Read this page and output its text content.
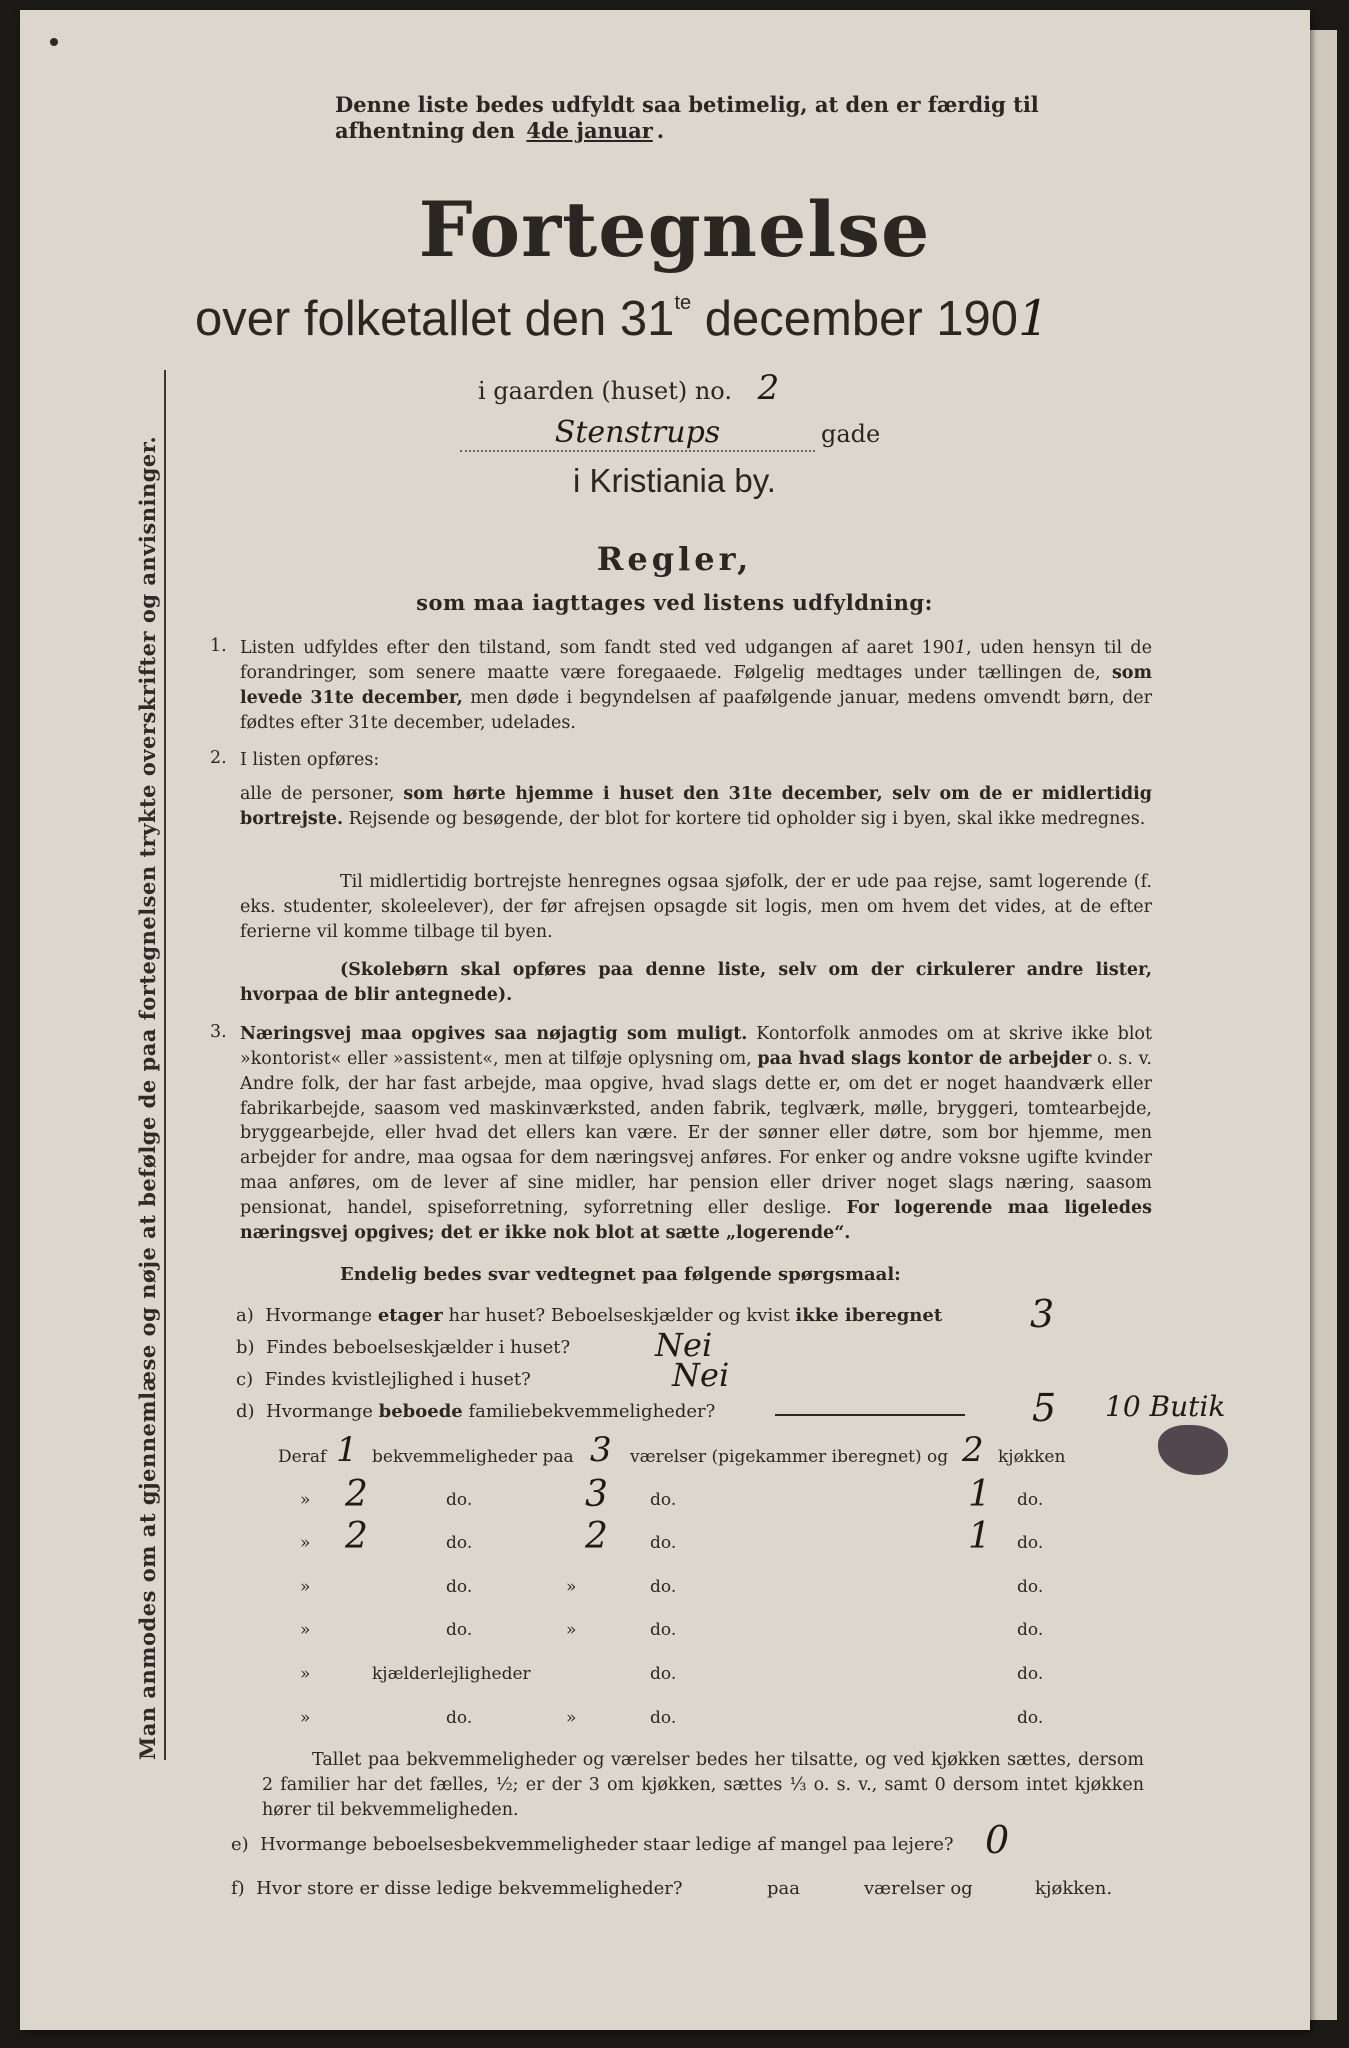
Man anmodes om at gjennemlæse og nøje at befølge de paa fortegnelsen trykte overskrifter og anvisninger.
Denne liste bedes udfyldt saa betimelig, at den er færdig til
afhentning den 4de januar .
Fortegnelse
over folketallet den $31^{te}$ december 1901
i gaarden (huset) no. 2
Stenstrups	gade
i Kristiania by.
Regler,
som maa iagttages ved listens udfyldning:
1. Listen udfyldes efter den tilstand, som fandt sted ved udgangen af aaret 1901, uden hensyn til de forandringer, som senere maatte være foregaaede. Følgelig medtages under tællingen de, som levede 31te december, men døde i begyndelsen af paafølgende januar, medens omvendt børn, der fødtes efter 31te december, udelades.
2. I listen opføres:
alle de personer, som hørte hjemme i huset den 31te december, selv om de er midlertidig bortrejste. Rejsende og besøgende, der blot for kortere tid opholder sig i byen, skal ikke medregnes.
Til midlertidig bortrejste henregnes ogsaa sjøfolk, der er ude paa rejse, samt logerende (f. eks. studenter, skoleelever), der før afrejsen opsagde sit logis, men om hvem det vides, at de efter ferierne vil komme tilbage til byen.
(Skolebørn skal opføres paa denne liste, selv om der cirkulerer andre lister, hvorpaa de blir antegnede).
3. Næringsvej maa opgives saa nøjagtig som muligt. Kontorfolk anmodes om at skrive ikke blot »kontorist« eller »assistent«, men at tilføje oplysning om, paa hvad slags kontor de arbejder o. s. v. Andre folk, der har fast arbejde, maa opgive, hvad slags dette er, om det er noget haandværk eller fabrikarbejde, saasom ved maskinværksted, anden fabrik, teglværk, mølle, bryggeri, tomtearbejde, bryggearbejde, eller hvad det ellers kan være. Er der sønner eller døtre, som bor hjemme, men arbejder for andre, maa ogsaa for dem næringsvej anføres. For enker og andre voksne ugifte kvinder maa anføres, om de lever af sine midler, har pension eller driver noget slags næring, saasom pensionat, handel, spiseforretning, syforretning eller deslige. For logerende maa ligeledes næringsvej opgives; det er ikke nok blot at sætte „logerende“.
Endelig bedes svar vedtegnet paa følgende spørgsmaal:
a) Hvormange etager har huset? Beboelseskjælder og kvist ikke iberegnet 3
b) Findes beboelseskjælder i huset?	Nei
c) Findes kvistlejlighed i huset?	Nei
d) Hvormange beboede familiebekvemmeligheder?	5 10 Butik
Deraf 1 bekvemmeligheder paa 3 værelser (pigekammer iberegnet) og 2 kjøkken
» 2	do.	3 do.	1 do.
» 2	do.	2 do.	1 do.
»	do.	»	do.	do.
»	do.	»	do.	do.
»	kjælderlejligheder	do.	do.
»	do.	»	do.	do.
Tallet paa bekvemmeligheder og værelser bedes her tilsatte, og ved kjøkken sættes, dersom 2 familier har det fælles, ½; er der 3 om kjøkken, sættes ⅓ o. s. v., samt 0 dersom intet kjøkken hører til bekvemmeligheden.
e) Hvormange beboelsesbekvemmeligheder staar ledige af mangel paa lejere? 0
f) Hvor store er disse ledige bekvemmeligheder?	paa	værelser og	kjøkken.
